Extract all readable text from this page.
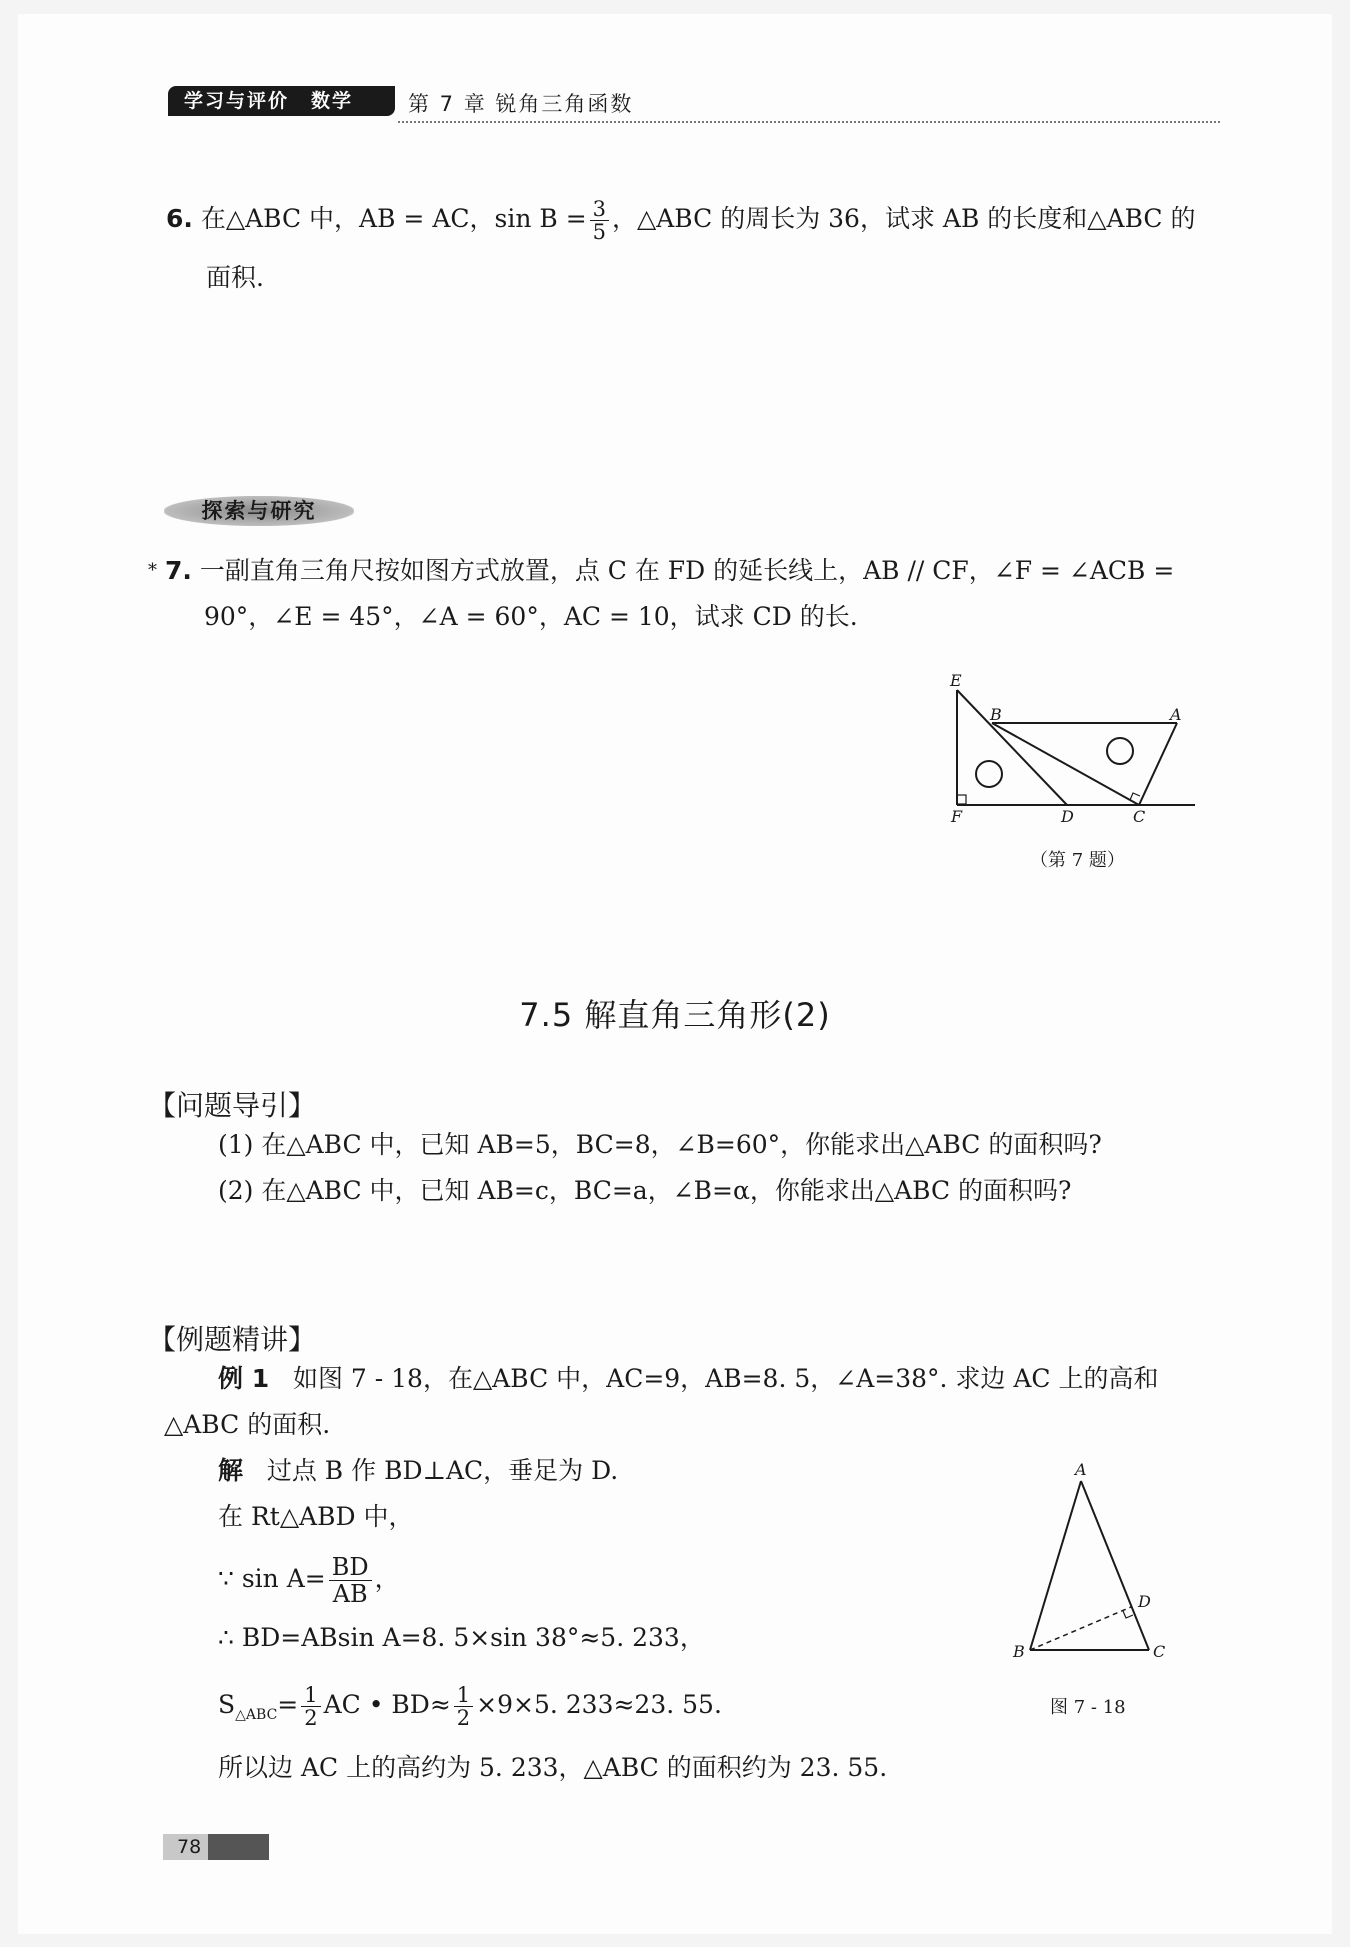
学习与评价 数学	第 7 章 锐角三角函数
6. 在△ABC 中，AB = AC，$\sin B = \frac{3}{5}$ ，△ABC 的周长为 36，试求 AB 的长度和△ABC 的
面积.
探索与研究
* 7. 一副直角三角尺按如图方式放置，点 C 在 FD 的延长线上，AB // CF，∠F = ∠ACB =
90°，∠E = 45°，∠A = 60°，AC = 10，试求 CD 的长.
E
B	A
F	D	C
（第 7 题）
7.5 解直角三角形(2)
【问题导引】
(1) 在△ABC 中，已知 AB=5，BC=8，∠B=60°，你能求出△ABC 的面积吗?
(2) 在△ABC 中，已知 AB=c，BC=a，∠B=α，你能求出△ABC 的面积吗?
【例题精讲】
例 1 如图 7 - 18，在△ABC 中，AC=9，AB=8. 5，∠A=38°. 求边 AC 上的高和
△ABC 的面积.
解 过点 B 作 BD⊥AC，垂足为 D.
在 Rt△ABD 中，
∵ $\sin A= \frac{BD}{AB}$ ，
∴ BD=ABsin A=8. 5×sin 38°≈5. 233，
$S_{\triangle ABC}= \frac{1}{2}$ AC • $BD\approx \frac{1}{2} \times 9\times 5$. 233≈23. 55.
所以边 AC 上的高约为 5. 233，△ABC 的面积约为 23. 55.
A
B	C
D
图 7 - 18
78
